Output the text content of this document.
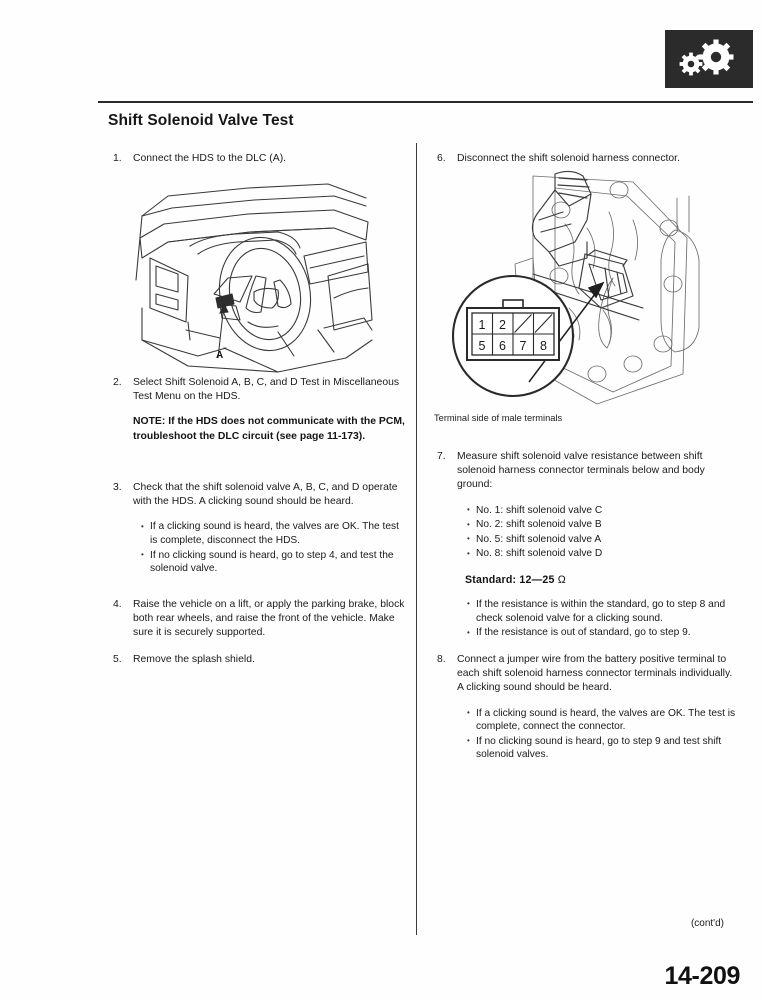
Shift Solenoid Valve Test
1.	Connect the HDS to the DLC (A).
A
2.	Select Shift Solenoid A, B, C, and D Test in Miscellaneous Test Menu on the HDS.
NOTE: If the HDS does not communicate with the PCM, troubleshoot the DLC circuit (see page 11-173).
3.	Check that the shift solenoid valve A, B, C, and D operate with the HDS. A clicking sound should be heard.
• If a clicking sound is heard, the valves are OK. The test is complete, disconnect the HDS.
• If no clicking sound is heard, go to step 4, and test the solenoid valve.
4.	Raise the vehicle on a lift, or apply the parking brake, block both rear wheels, and raise the front of the vehicle. Make sure it is securely supported.
5.	Remove the splash shield.
6.	Disconnect the shift solenoid harness connector.
1 2
5 6 7 8
Terminal side of male terminals
7.	Measure shift solenoid valve resistance between shift solenoid harness connector terminals below and body ground:
• No. 1: shift solenoid valve C
• No. 2: shift solenoid valve B
• No. 5: shift solenoid valve A
• No. 8: shift solenoid valve D
Standard: 12—25 Ω
• If the resistance is within the standard, go to step 8 and check solenoid valve for a clicking sound.
• If the resistance is out of standard, go to step 9.
8.	Connect a jumper wire from the battery positive terminal to each shift solenoid harness connector terminals individually. A clicking sound should be heard.
• If a clicking sound is heard, the valves are OK. The test is complete, connect the connector.
• If no clicking sound is heard, go to step 9 and test shift solenoid valves.
(cont'd)
14-209
